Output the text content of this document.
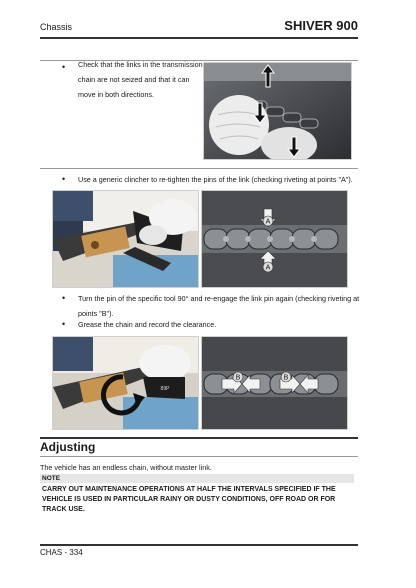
Chassis	SHIVER 900
• Check that the links in the transmission
chain are not seized and that it can
move in both directions.
• Use a generic clincher to re-tighten the pins of the link (checking riveting at points "A").
A
A
• Turn the pin of the specific tool 90° and re-engage the link pin again (checking riveting at
points "B").
• Grease the chain and record the clearance.
89P
B	B
Adjusting
The vehicle has an endless chain, without master link.
NOTE
CARRY OUT MAINTENANCE OPERATIONS AT HALF THE INTERVALS SPECIFIED IF THE VEHICLE IS USED IN PARTICULAR RAINY OR DUSTY CONDITIONS, OFF ROAD OR FOR TRACK USE.
CHAS - 334
